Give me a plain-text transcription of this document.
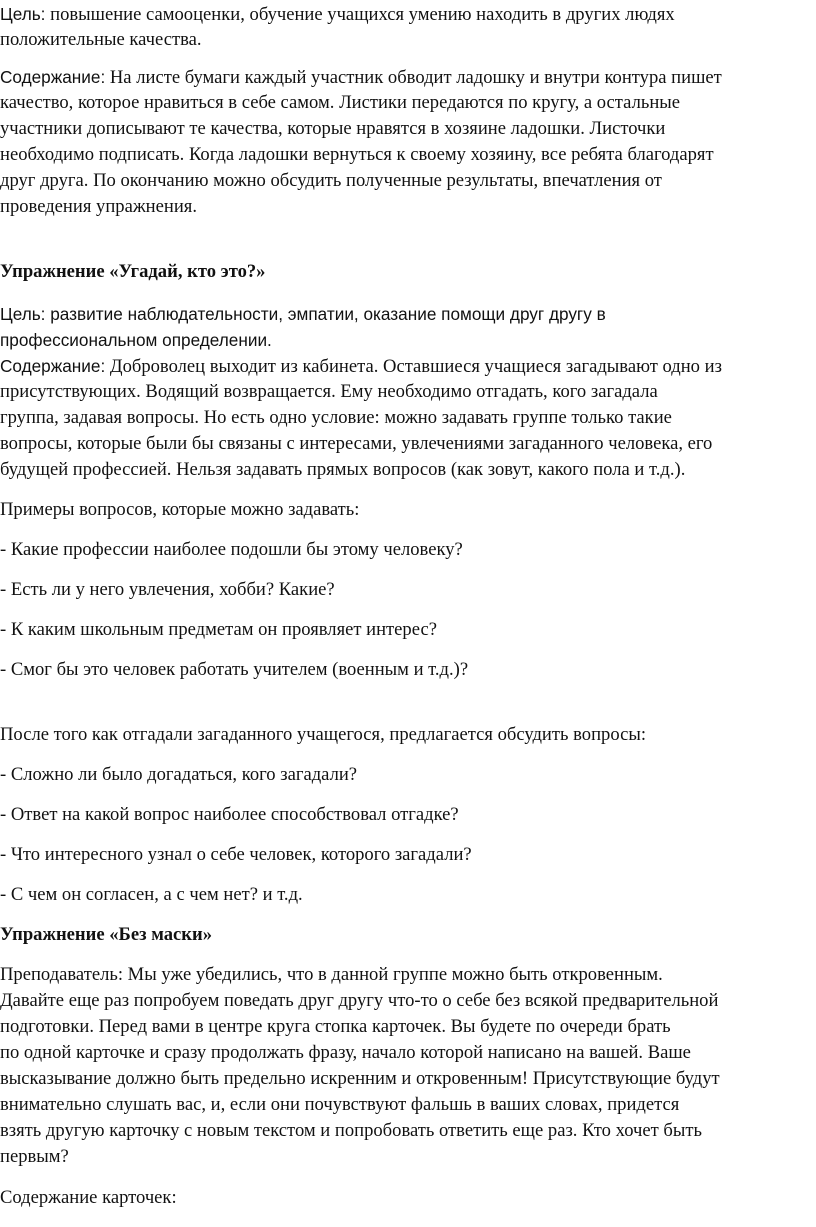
Цель: повышение самооценки, обучение учащихся умению находить в других людях
положительные качества.
Содержание: На листе бумаги каждый участник обводит ладошку и внутри контура пишет
качество, которое нравиться в себе самом. Листики передаются по кругу, а остальные
участники дописывают те качества, которые нравятся в хозяине ладошки. Листочки
необходимо подписать. Когда ладошки вернуться к своему хозяину, все ребята благодарят
друг друга. По окончанию можно обсудить полученные результаты, впечатления от
проведения упражнения.
Упражнение «Угадай, кто это?»
Цель: развитие наблюдательности, эмпатии, оказание помощи друг другу в
профессиональном определении.
Содержание: Доброволец выходит из кабинета. Оставшиеся учащиеся загадывают одно из
присутствующих. Водящий возвращается. Ему необходимо отгадать, кого загадала
группа, задавая вопросы. Но есть одно условие: можно задавать группе только такие
вопросы, которые были бы связаны с интересами, увлечениями загаданного человека, его
будущей профессией. Нельзя задавать прямых вопросов (как зовут, какого пола и т.д.).
Примеры вопросов, которые можно задавать:
- Какие профессии наиболее подошли бы этому человеку?
- Есть ли у него увлечения, хобби? Какие?
- К каким школьным предметам он проявляет интерес?
- Смог бы это человек работать учителем (военным и т.д.)?
После того как отгадали загаданного учащегося, предлагается обсудить вопросы:
- Сложно ли было догадаться, кого загадали?
- Ответ на какой вопрос наиболее способствовал отгадке?
- Что интересного узнал о себе человек, которого загадали?
- С чем он согласен, а с чем нет? и т.д.
Упражнение «Без маски»
Преподаватель: Мы уже убедились, что в данной группе можно быть откровенным.
Давайте еще раз попробуем поведать друг другу что-то о себе без всякой предварительной
подготовки. Перед вами в центре круга стопка карточек. Вы будете по очереди брать
по одной карточке и сразу продолжать фразу, начало которой написано на вашей. Ваше
высказывание должно быть предельно искренним и откровенным! Присутствующие будут
внимательно слушать вас, и, если они почувствуют фальшь в ваших словах, придется
взять другую карточку с новым текстом и попробовать ответить еще раз. Кто хочет быть
первым?
Содержание карточек:
